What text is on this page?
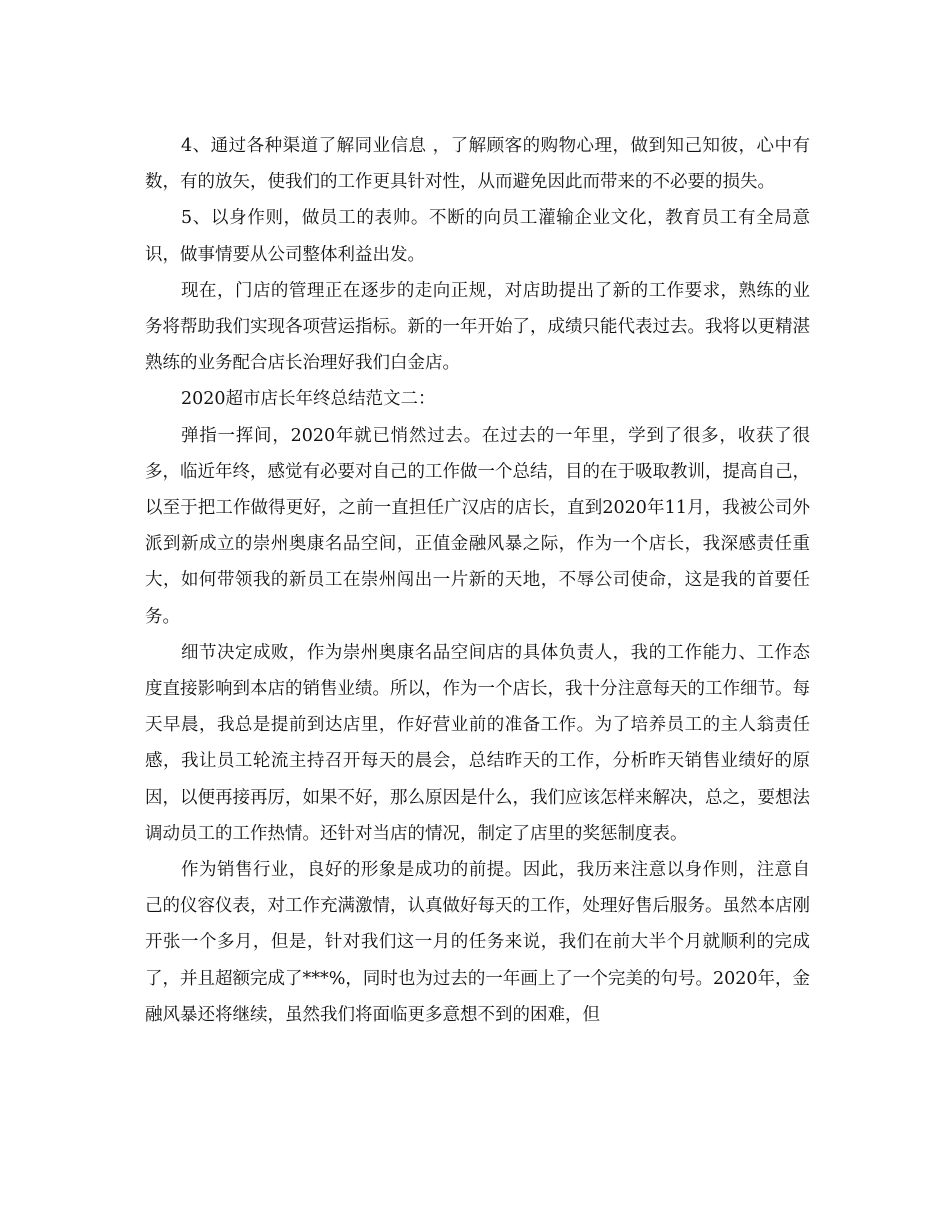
4、通过各种渠道了解同业信息 ，了解顾客的购物心理，做到知己知彼，心中有数，有的放矢，使我们的工作更具针对性，从而避免因此而带来的不必要的损失。

5、以身作则，做员工的表帅。不断的向员工灌输企业文化，教育员工有全局意识，做事情要从公司整体利益出发。

现在，门店的管理正在逐步的走向正规，对店助提出了新的工作要求，熟练的业务将帮助我们实现各项营运指标。新的一年开始了，成绩只能代表过去。我将以更精湛熟练的业务配合店长治理好我们白金店。

2020超市店长年终总结范文二：

弹指一挥间，2020年就已悄然过去。在过去的一年里，学到了很多，收获了很多，临近年终，感觉有必要对自己的工作做一个总结，目的在于吸取教训，提高自己，以至于把工作做得更好，之前一直担任广汉店的店长，直到2020年11月，我被公司外派到新成立的崇州奥康名品空间，正值金融风暴之际，作为一个店长，我深感责任重大，如何带领我的新员工在崇州闯出一片新的天地，不辱公司使命，这是我的首要任务。

细节决定成败，作为崇州奥康名品空间店的具体负责人，我的工作能力、工作态度直接影响到本店的销售业绩。所以，作为一个店长，我十分注意每天的工作细节。每天早晨，我总是提前到达店里，作好营业前的准备工作。为了培养员工的主人翁责任感，我让员工轮流主持召开每天的晨会，总结昨天的工作，分析昨天销售业绩好的原因，以便再接再厉，如果不好，那么原因是什么，我们应该怎样来解决，总之，要想法调动员工的工作热情。还针对当店的情况，制定了店里的奖惩制度表。

作为销售行业，良好的形象是成功的前提。因此，我历来注意以身作则，注意自己的仪容仪表，对工作充满激情，认真做好每天的工作，处理好售后服务。虽然本店刚开张一个多月，但是，针对我们这一月的任务来说，我们在前大半个月就顺利的完成了，并且超额完成了***%，同时也为过去的一年画上了一个完美的句号。2020年，金融风暴还将继续，虽然我们将面临更多意想不到的困难，但
